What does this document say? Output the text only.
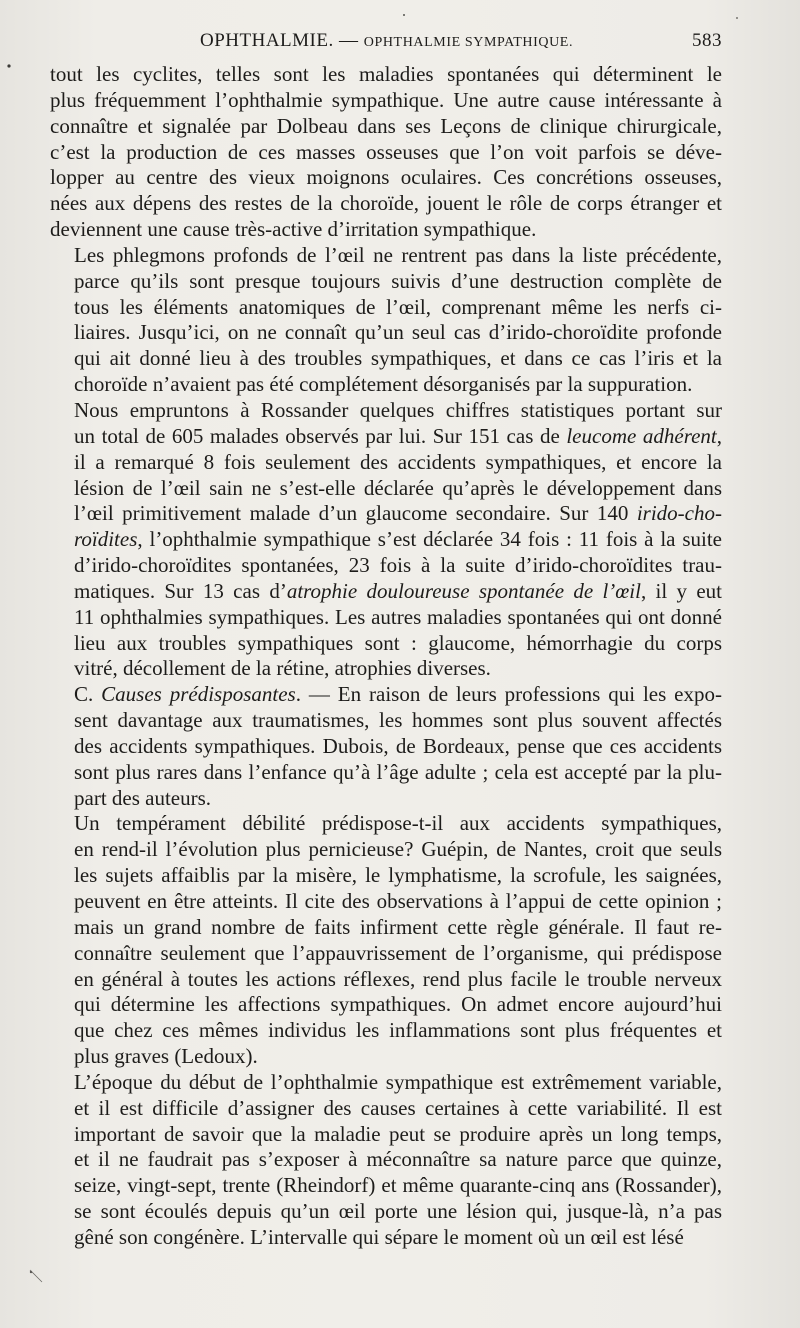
OPHTHALMIE. — OPHTHALMIE SYMPATHIQUE.	583

tout les cyclites, telles sont les maladies spontanées qui déterminent le
plus fréquemment l’ophthalmie sympathique. Une autre cause intéressante à
connaître et signalée par Dolbeau dans ses Leçons de clinique chirurgicale,
c’est la production de ces masses osseuses que l’on voit parfois se déve-
lopper au centre des vieux moignons oculaires. Ces concrétions osseuses,
nées aux dépens des restes de la choroïde, jouent le rôle de corps étranger et
deviennent une cause très-active d’irritation sympathique.

Les phlegmons profonds de l’œil ne rentrent pas dans la liste précédente,
parce qu’ils sont presque toujours suivis d’une destruction complète de
tous les éléments anatomiques de l’œil, comprenant même les nerfs ci-
liaires. Jusqu’ici, on ne connaît qu’un seul cas d’irido-choroïdite profonde
qui ait donné lieu à des troubles sympathiques, et dans ce cas l’iris et la
choroïde n’avaient pas été complétement désorganisés par la suppuration.

Nous empruntons à Rossander quelques chiffres statistiques portant sur
un total de 605 malades observés par lui. Sur 151 cas de leucome adhérent,
il a remarqué 8 fois seulement des accidents sympathiques, et encore la
lésion de l’œil sain ne s’est-elle déclarée qu’après le développement dans
l’œil primitivement malade d’un glaucome secondaire. Sur 140 irido-cho-
roïdites, l’ophthalmie sympathique s’est déclarée 34 fois : 11 fois à la suite
d’irido-choroïdites spontanées, 23 fois à la suite d’irido-choroïdites trau-
matiques. Sur 13 cas d’atrophie douloureuse spontanée de l’œil, il y eut
11 ophthalmies sympathiques. Les autres maladies spontanées qui ont donné
lieu aux troubles sympathiques sont : glaucome, hémorrhagie du corps
vitré, décollement de la rétine, atrophies diverses.

C. Causes prédisposantes. — En raison de leurs professions qui les expo-
sent davantage aux traumatismes, les hommes sont plus souvent affectés
des accidents sympathiques. Dubois, de Bordeaux, pense que ces accidents
sont plus rares dans l’enfance qu’à l’âge adulte ; cela est accepté par la plu-
part des auteurs.

Un tempérament débilité prédispose-t-il aux accidents sympathiques,
en rend-il l’évolution plus pernicieuse? Guépin, de Nantes, croit que seuls
les sujets affaiblis par la misère, le lymphatisme, la scrofule, les saignées,
peuvent en être atteints. Il cite des observations à l’appui de cette opinion ;
mais un grand nombre de faits infirment cette règle générale. Il faut re-
connaître seulement que l’appauvrissement de l’organisme, qui prédispose
en général à toutes les actions réflexes, rend plus facile le trouble nerveux
qui détermine les affections sympathiques. On admet encore aujourd’hui
que chez ces mêmes individus les inflammations sont plus fréquentes et
plus graves (Ledoux).

L’époque du début de l’ophthalmie sympathique est extrêmement variable,
et il est difficile d’assigner des causes certaines à cette variabilité. Il est
important de savoir que la maladie peut se produire après un long temps,
et il ne faudrait pas s’exposer à méconnaître sa nature parce que quinze,
seize, vingt-sept, trente (Rheindorf) et même quarante-cinq ans (Rossander),
se sont écoulés depuis qu’un œil porte une lésion qui, jusque-là, n’a pas
gêné son congénère. L’intervalle qui sépare le moment où un œil est lésé
